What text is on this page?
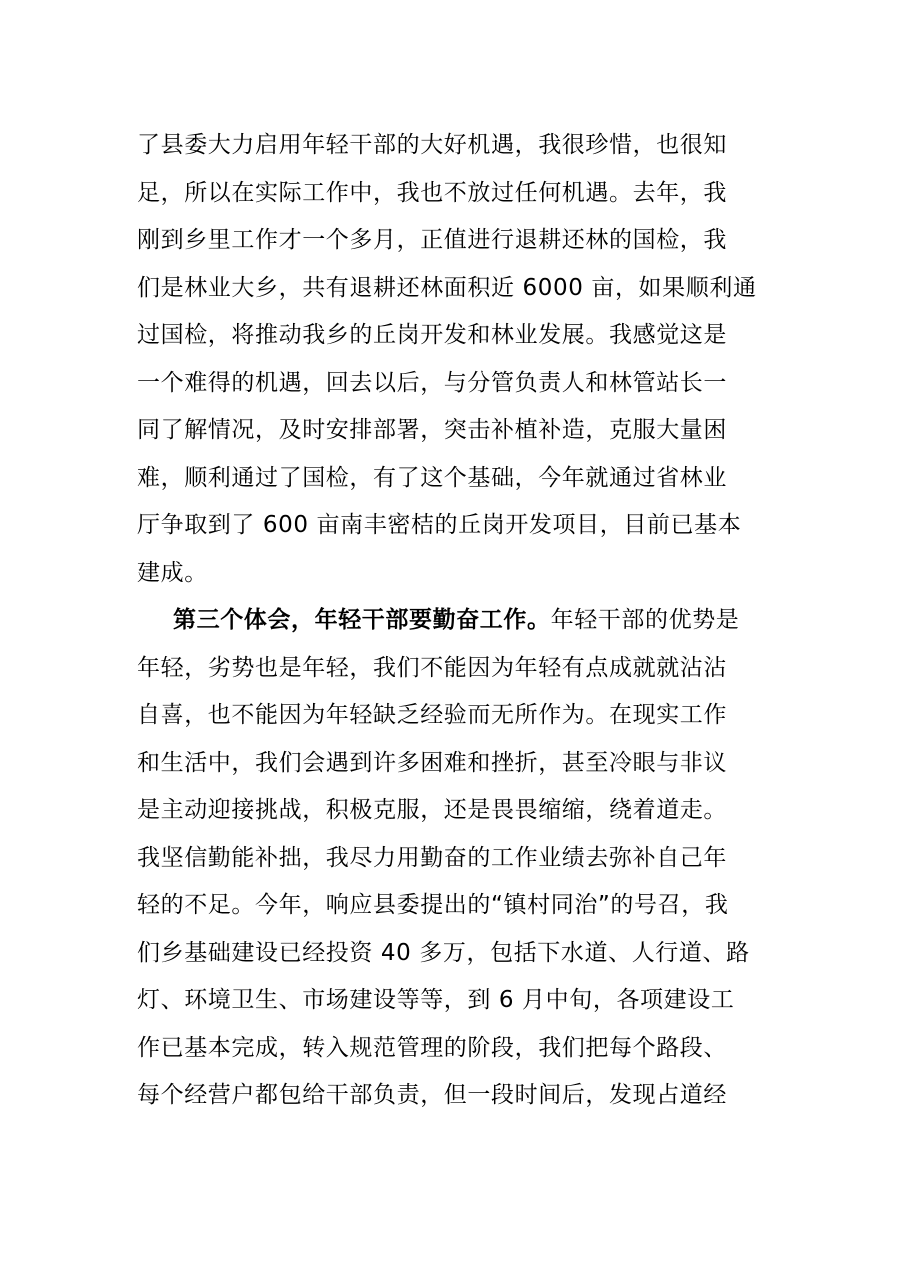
了县委大力启用年轻干部的大好机遇，我很珍惜，也很知
足，所以在实际工作中，我也不放过任何机遇。去年，我
刚到乡里工作才一个多月，正值进行退耕还林的国检，我
们是林业大乡，共有退耕还林面积近 6000 亩，如果顺利通
过国检，将推动我乡的丘岗开发和林业发展。我感觉这是
一个难得的机遇，回去以后，与分管负责人和林管站长一
同了解情况，及时安排部署，突击补植补造，克服大量困
难，顺利通过了国检，有了这个基础，今年就通过省林业
厅争取到了 600 亩南丰密桔的丘岗开发项目，目前已基本
建成。
第三个体会，年轻干部要勤奋工作。年轻干部的优势是
年轻，劣势也是年轻，我们不能因为年轻有点成就就沾沾
自喜，也不能因为年轻缺乏经验而无所作为。在现实工作
和生活中，我们会遇到许多困难和挫折，甚至冷眼与非议
是主动迎接挑战，积极克服，还是畏畏缩缩，绕着道走。
我坚信勤能补拙，我尽力用勤奋的工作业绩去弥补自己年
轻的不足。今年，响应县委提出的“镇村同治”的号召，我
们乡基础建设已经投资 40 多万，包括下水道、人行道、路
灯、环境卫生、市场建设等等，到 6 月中旬，各项建设工
作已基本完成，转入规范管理的阶段，我们把每个路段、
每个经营户都包给干部负责，但一段时间后，发现占道经
